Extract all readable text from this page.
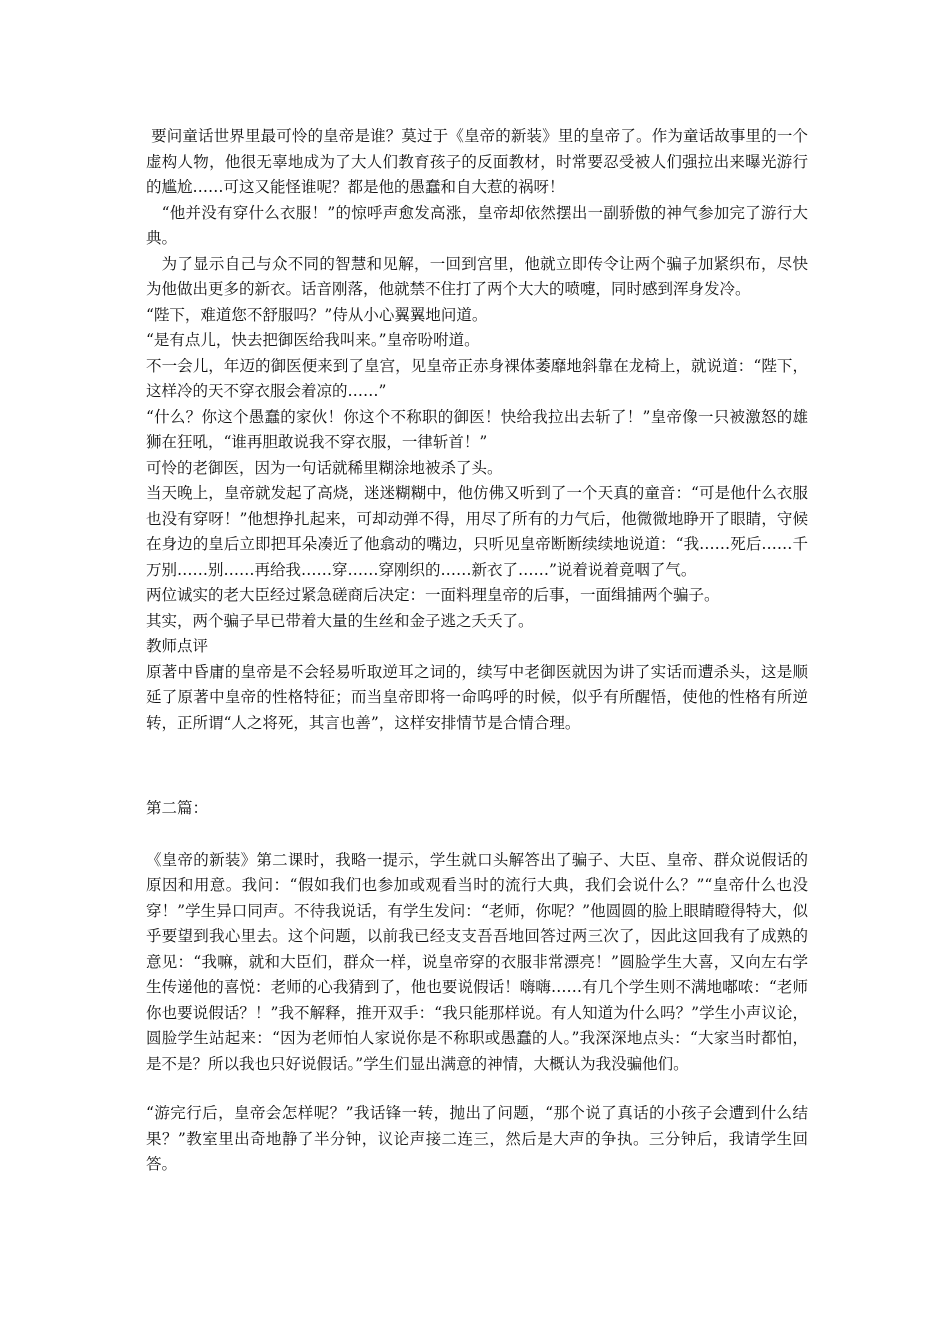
要问童话世界里最可怜的皇帝是谁？莫过于《皇帝的新装》里的皇帝了。作为童话故事里的一个虚构人物，他很无辜地成为了大人们教育孩子的反面教材，时常要忍受被人们强拉出来曝光游行的尴尬……可这又能怪谁呢？都是他的愚蠢和自大惹的祸呀！

“他并没有穿什么衣服！”的惊呼声愈发高涨，皇帝却依然摆出一副骄傲的神气参加完了游行大典。

为了显示自己与众不同的智慧和见解，一回到宫里，他就立即传令让两个骗子加紧织布，尽快为他做出更多的新衣。话音刚落，他就禁不住打了两个大大的喷嚏，同时感到浑身发冷。

“陛下，难道您不舒服吗？”侍从小心翼翼地问道。

“是有点儿，快去把御医给我叫来。”皇帝吩咐道。

不一会儿，年迈的御医便来到了皇宫，见皇帝正赤身裸体萎靡地斜靠在龙椅上，就说道：“陛下，这样冷的天不穿衣服会着凉的……”

“什么？你这个愚蠢的家伙！你这个不称职的御医！快给我拉出去斩了！”皇帝像一只被激怒的雄狮在狂吼，“谁再胆敢说我不穿衣服，一律斩首！”

可怜的老御医，因为一句话就稀里糊涂地被杀了头。

当天晚上，皇帝就发起了高烧，迷迷糊糊中，他仿佛又听到了一个天真的童音：“可是他什么衣服也没有穿呀！”他想挣扎起来，可却动弹不得，用尽了所有的力气后，他微微地睁开了眼睛，守候在身边的皇后立即把耳朵凑近了他翕动的嘴边，只听见皇帝断断续续地说道：“我……死后……千万别……别……再给我……穿……穿刚织的……新衣了……”说着说着竟咽了气。

两位诚实的老大臣经过紧急磋商后决定：一面料理皇帝的后事，一面缉捕两个骗子。

其实，两个骗子早已带着大量的生丝和金子逃之夭夭了。

教师点评

原著中昏庸的皇帝是不会轻易听取逆耳之词的，续写中老御医就因为讲了实话而遭杀头，这是顺延了原著中皇帝的性格特征；而当皇帝即将一命呜呼的时候，似乎有所醒悟，使他的性格有所逆转，正所谓“人之将死，其言也善”，这样安排情节是合情合理。

第二篇：

《皇帝的新装》第二课时，我略一提示，学生就口头解答出了骗子、大臣、皇帝、群众说假话的原因和用意。我问：“假如我们也参加或观看当时的流行大典，我们会说什么？”“皇帝什么也没穿！”学生异口同声。不待我说话，有学生发问：“老师，你呢？”他圆圆的脸上眼睛瞪得特大，似乎要望到我心里去。这个问题，以前我已经支支吾吾地回答过两三次了，因此这回我有了成熟的意见：“我嘛，就和大臣们，群众一样，说皇帝穿的衣服非常漂亮！”圆脸学生大喜，又向左右学生传递他的喜悦：老师的心我猜到了，他也要说假话！嗨嗨……有几个学生则不满地嘟哝：“老师你也要说假话？！”我不解释，推开双手：“我只能那样说。有人知道为什么吗？”学生小声议论，圆脸学生站起来：“因为老师怕人家说你是不称职或愚蠢的人。”我深深地点头：“大家当时都怕，是不是？所以我也只好说假话。”学生们显出满意的神情，大概认为我没骗他们。

“游完行后，皇帝会怎样呢？”我话锋一转，抛出了问题，“那个说了真话的小孩子会遭到什么结果？”教室里出奇地静了半分钟，议论声接二连三，然后是大声的争执。三分钟后，我请学生回答。
